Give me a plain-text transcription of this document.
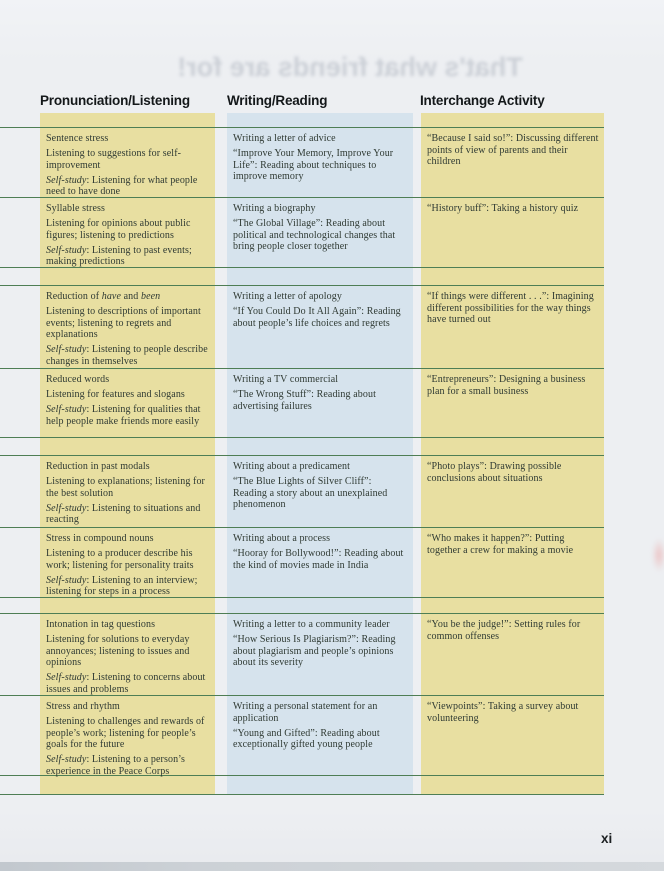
That's what friends are for!
Pronunciation/Listening	Writing/Reading	Interchange Activity

Sentence stress

Listening to suggestions for self-improvement

Self-study: Listening for what people need to have done

Writing a letter of advice

“Improve Your Memory, Improve Your Life”: Reading about techniques to improve memory

“Because I said so!”: Discussing different points of view of parents and their children

Syllable stress

Listening for opinions about public figures; listening to predictions

Self-study: Listening to past events; making predictions

Writing a biography

“The Global Village”: Reading about political and technological changes that bring people closer together

“History buff”: Taking a history quiz

Reduction of have and been

Listening to descriptions of important events; listening to regrets and explanations

Self-study: Listening to people describe changes in themselves

Writing a letter of apology

“If You Could Do It All Again”: Reading about people’s life choices and regrets

“If things were different . . .”: Imagining different possibilities for the way things have turned out

Reduced words

Listening for features and slogans

Self-study: Listening for qualities that help people make friends more easily

Writing a TV commercial

“The Wrong Stuff”: Reading about advertising failures

“Entrepreneurs”: Designing a business plan for a small business

Reduction in past modals

Listening to explanations; listening for the best solution

Self-study: Listening to situations and reacting

Writing about a predicament

“The Blue Lights of Silver Cliff”: Reading a story about an unexplained phenomenon

“Photo plays”: Drawing possible conclusions about situations

Stress in compound nouns

Listening to a producer describe his work; listening for personality traits

Self-study: Listening to an interview; listening for steps in a process

Writing about a process

“Hooray for Bollywood!”: Reading about the kind of movies made in India

“Who makes it happen?”: Putting together a crew for making a movie

Intonation in tag questions

Listening for solutions to everyday annoyances; listening to issues and opinions

Self-study: Listening to concerns about issues and problems

Writing a letter to a community leader

“How Serious Is Plagiarism?”: Reading about plagiarism and people’s opinions about its severity

“You be the judge!”: Setting rules for common offenses

Stress and rhythm

Listening to challenges and rewards of people’s work; listening for people’s goals for the future

Self-study: Listening to a person’s experience in the Peace Corps

Writing a personal statement for an application

“Young and Gifted”: Reading about exceptionally gifted young people

“Viewpoints”: Taking a survey about volunteering

xi
